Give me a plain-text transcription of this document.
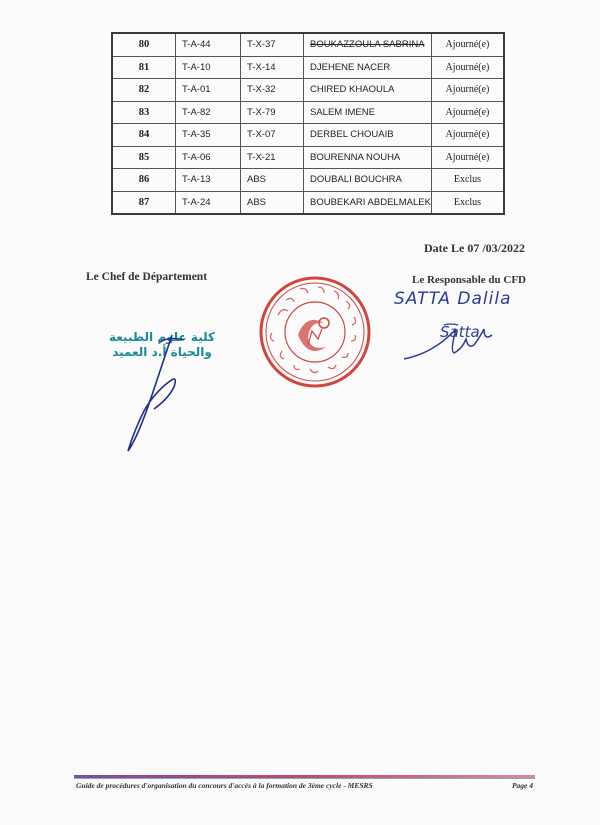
80	T-A-44	T-X-37	BOUKAZZOULA SABRINA	Ajourné(e)
81	T-A-10	T-X-14	DJEHENE NACER	Ajourné(e)
82	T-A-01	T-X-32	CHIRED KHAOULA	Ajourné(e)
83	T-A-82	T-X-79	SALEM IMENE	Ajourné(e)
84	T-A-35	T-X-07	DERBEL CHOUAIB	Ajourné(e)
85	T-A-06	T-X-21	BOURENNA NOUHA	Ajourné(e)
86	T-A-13	ABS	DOUBALI BOUCHRA	Exclus
87	T-A-24	ABS	BOUBEKARI ABDELMALEK	Exclus
Date Le 07 /03/2022
Le Chef de Département	Le Responsable du CFD
SATTA Dalila
كلية علوم الطبيعة والحياة أ.د العميد
Satta
Guide de procédures d'organisation du concours d'accès à la formation de 3ème cycle - MESRS	Page 4
